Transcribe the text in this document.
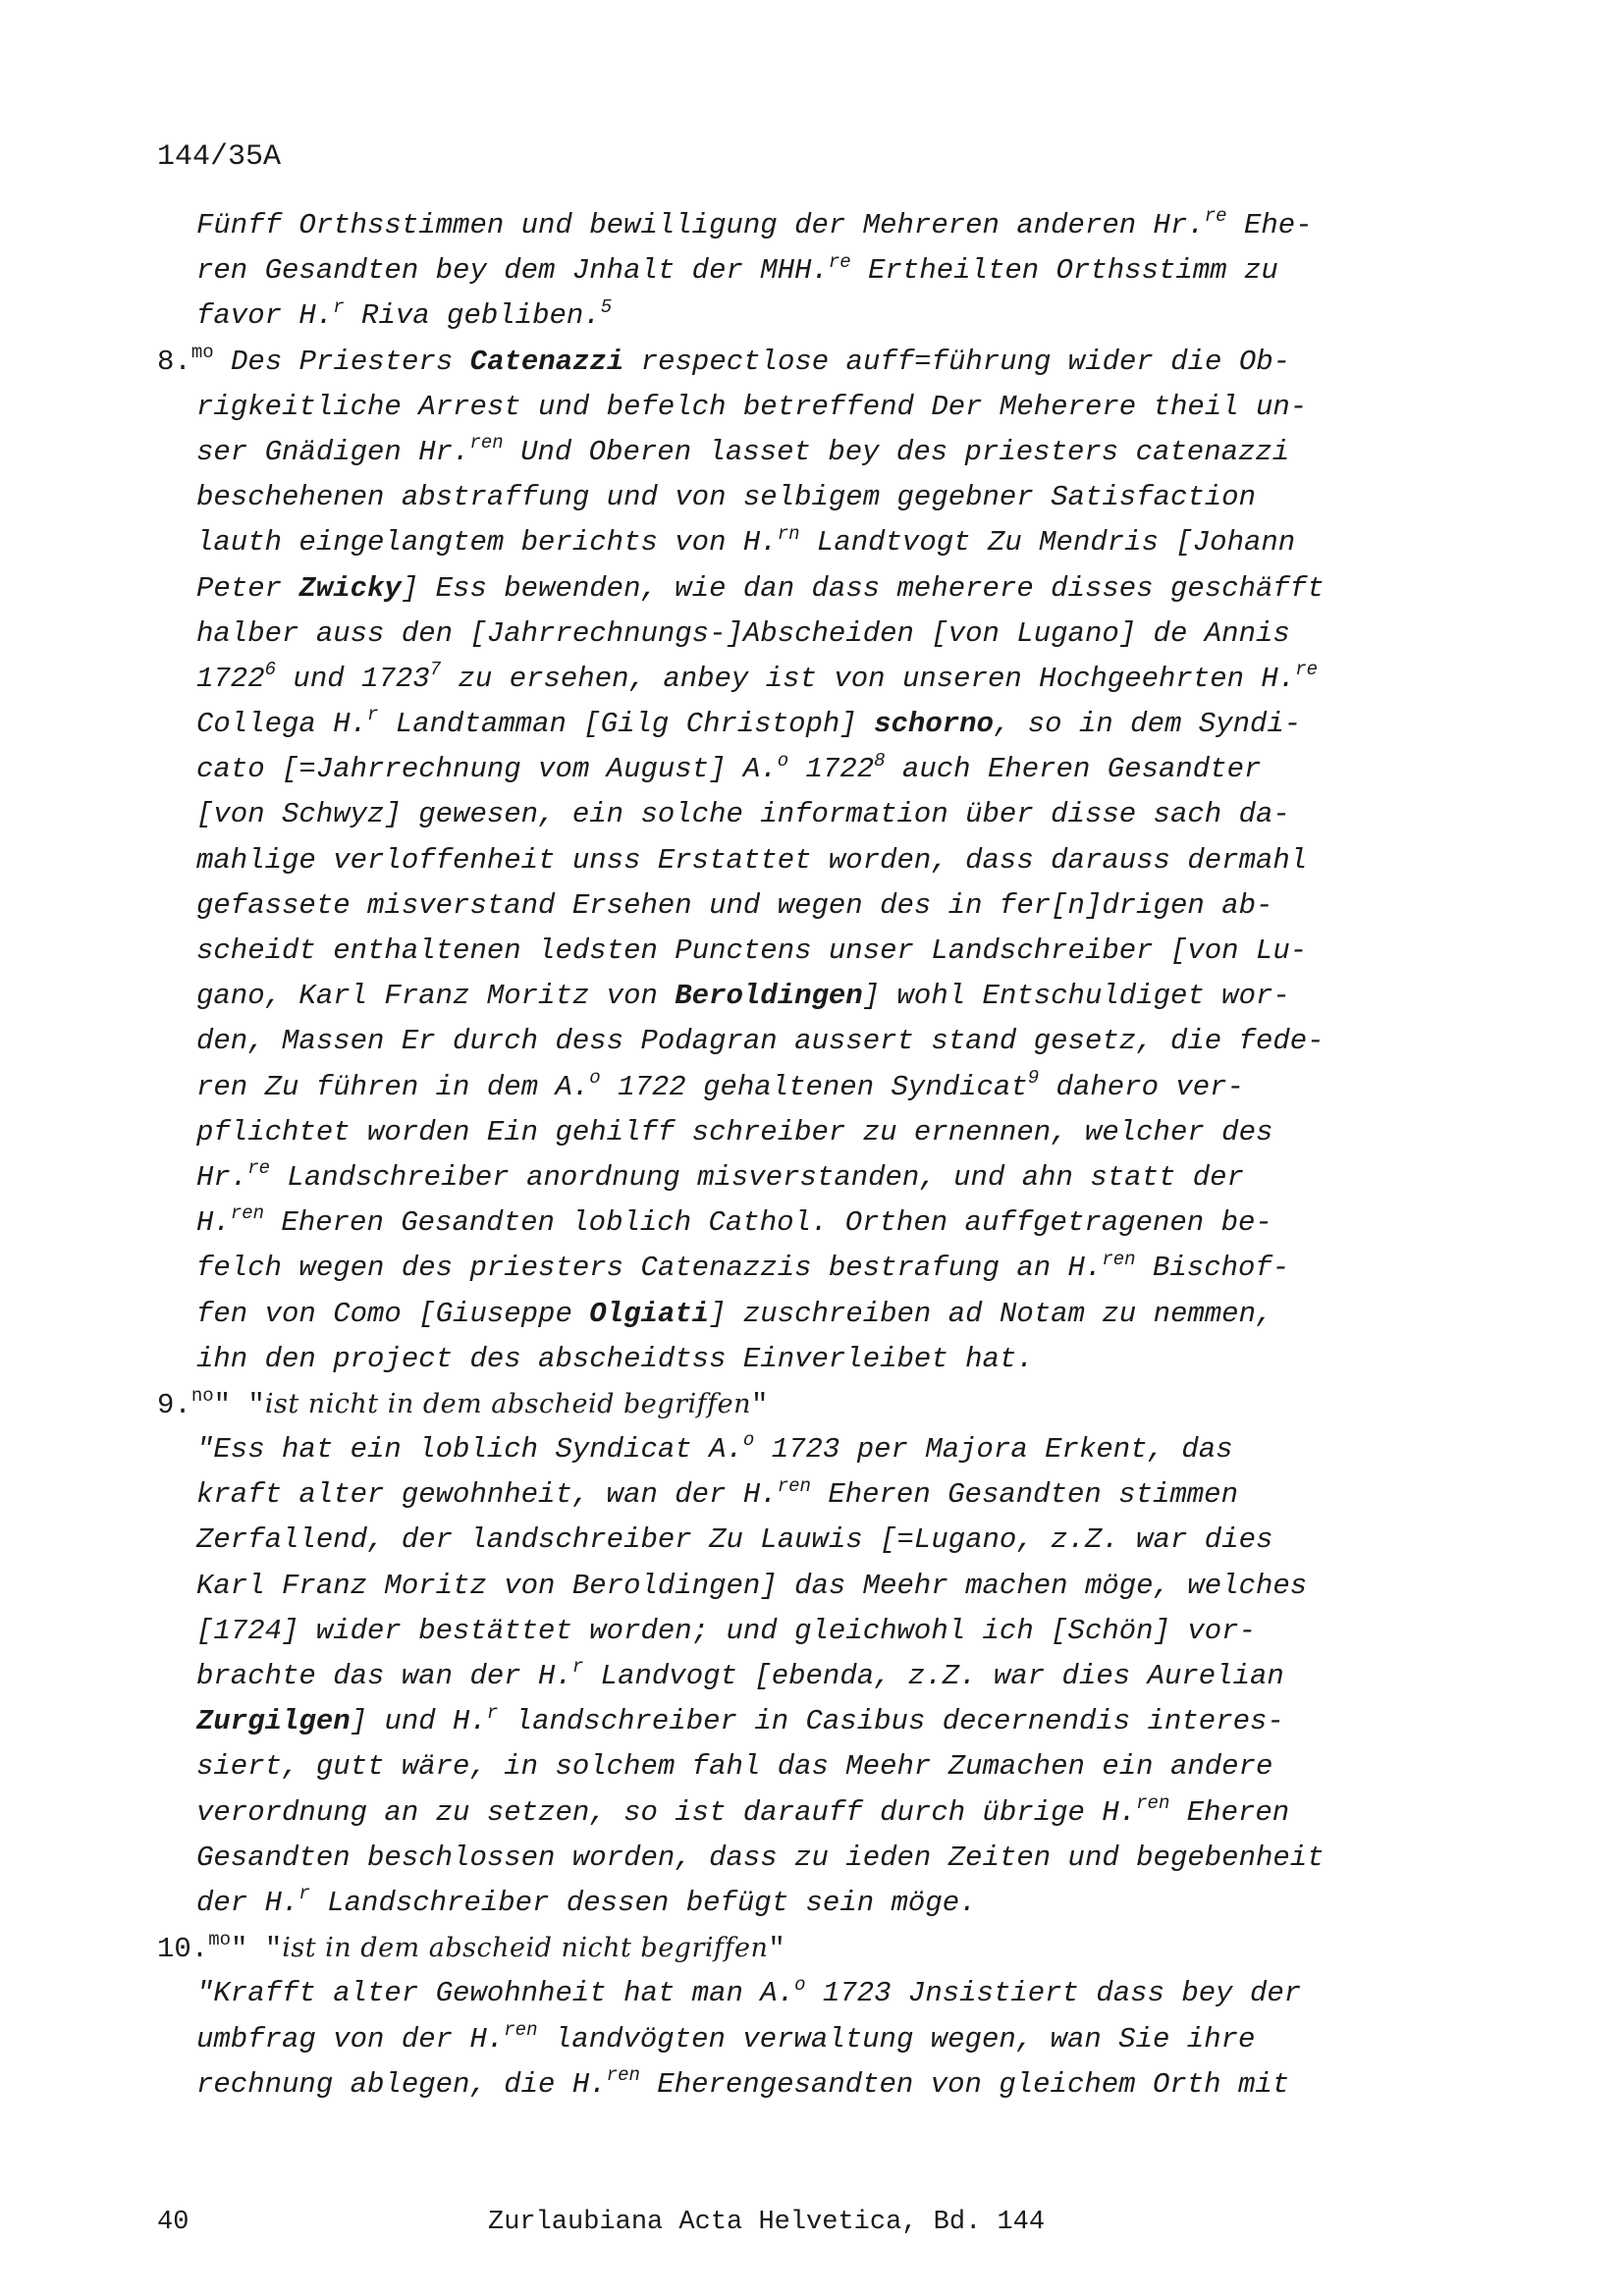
144/35A
Fünff Orthsstimmen und bewilligung der Mehreren anderen Hr.$^{re}$ Ehe-
ren Gesandten bey dem Jnhalt der MHH.$^{re}$ Ertheilten Orthsstimm zu
favor H.$^r$ Riva gebliben.$^5$
8.$^{mo}$ Des Priesters Catenazzi respectlose auff=führung wider die Ob-
rigkeitliche Arrest und befelch betreffend Der Meherere theil un-
ser Gnädigen Hr.$^{ren}$ Und Oberen lasset bey des priesters catenazzi
beschehenen abstraffung und von selbigem gegebner Satisfaction
lauth eingelangtem berichts von H.$^{rn}$ Landtvogt Zu Mendris [Johann
Peter Zwicky] Ess bewenden, wie dan dass meherere disses geschäfft
halber auss den [Jahrrechnungs-]Abscheiden [von Lugano] de Annis
1722$^6$ und 1723$^7$ zu ersehen, anbey ist von unseren Hochgeehrten H.$^{re}$
Collega H.$^r$ Landtamman [Gilg Christoph] schorno, so in dem Syndi-
cato [=Jahrrechnung vom August] A.$^o$ 1722$^8$ auch Eheren Gesandter
[von Schwyz] gewesen, ein solche information über disse sach da-
mahlige verloffenheit unss Erstattet worden, dass darauss dermahl
gefassete misverstand Ersehen und wegen des in fer[n]drigen ab-
scheidt enthaltenen ledsten Punctens unser Landschreiber [von Lu-
gano, Karl Franz Moritz von Beroldingen] wohl Entschuldiget wor-
den, Massen Er durch dess Podagran aussert stand gesetz, die fede-
ren Zu führen in dem A.$^o$ 1722 gehaltenen Syndicat$^9$ dahero ver-
pflichtet worden Ein gehilff schreiber zu ernennen, welcher des
Hr.$^{re}$ Landschreiber anordnung misverstanden, und ahn statt der
H.$^{ren}$ Eheren Gesandten loblich Cathol. Orthen auffgetragenen be-
felch wegen des priesters Catenazzis bestrafung an H.$^{ren}$ Bischof-
fen von Como [Giuseppe Olgiati] zuschreiben ad Notam zu nemmen,
ihn den project des abscheidtss Einverleibet hat.
9.$^{no}$" "ist nicht in dem abscheid begriffen"
"Ess hat ein loblich Syndicat A.$^o$ 1723 per Majora Erkent, das
kraft alter gewohnheit, wan der H.$^{ren}$ Eheren Gesandten stimmen
Zerfallend, der landschreiber Zu Lauwis [=Lugano, z.Z. war dies
Karl Franz Moritz von Beroldingen] das Meehr machen möge, welches
[1724] wider bestättet worden; und gleichwohl ich [Schön] vor-
brachte das wan der H.$^r$ Landvogt [ebenda, z.Z. war dies Aurelian
Zurgilgen] und H.$^r$ landschreiber in Casibus decernendis interes-
siert, gutt wäre, in solchem fahl das Meehr Zumachen ein andere
verordnung an zu setzen, so ist darauff durch übrige H.$^{ren}$ Eheren
Gesandten beschlossen worden, dass zu ieden Zeiten und begebenheit
der H.$^r$ Landschreiber dessen befügt sein möge.
10.$^{mo}$" "ist in dem abscheid nicht begriffen"
"Krafft alter Gewohnheit hat man A.$^o$ 1723 Jnsistiert dass bey der
umbfrag von der H.$^{ren}$ landvögten verwaltung wegen, wan Sie ihre
rechnung ablegen, die H.$^{ren}$ Eherengesandten von gleichem Orth mit
40	Zurlaubiana Acta Helvetica, Bd. 144
